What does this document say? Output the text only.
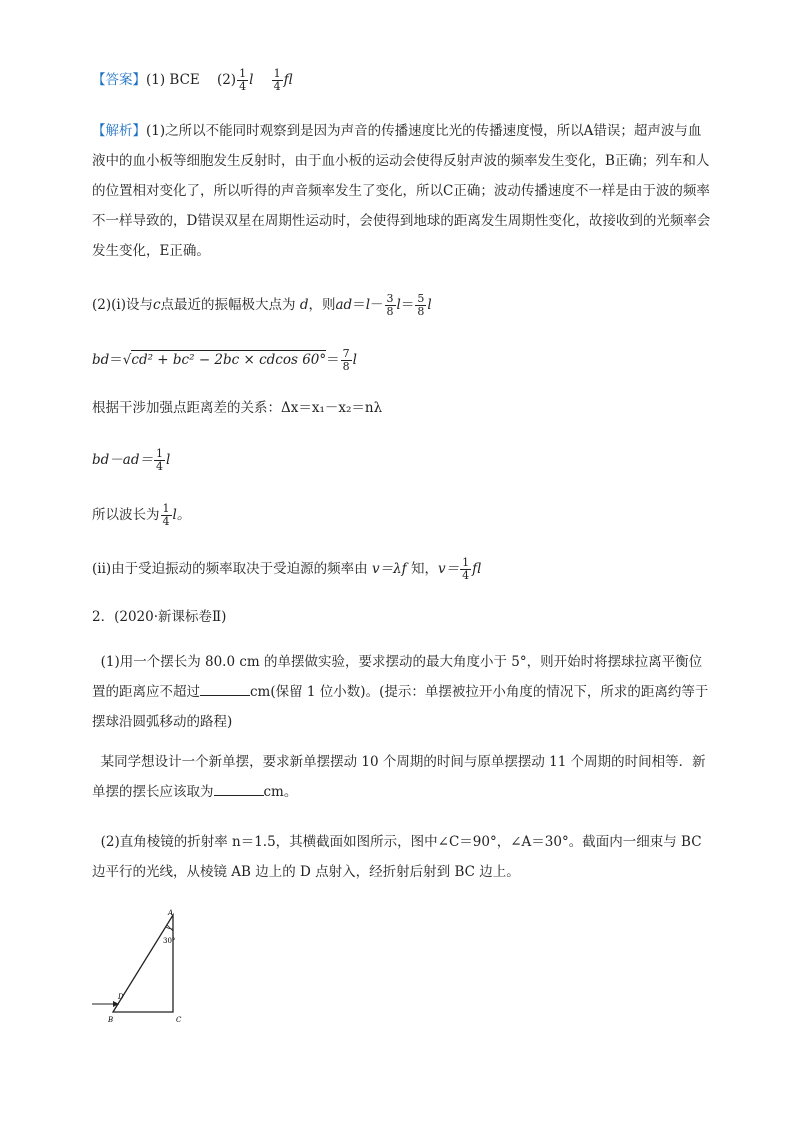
【答案】(1) BCE $(2) \frac{1}{4}$ l $\frac{1}{4}$ fl
【解析】(1)之所以不能同时观察到是因为声音的传播速度比光的传播速度慢，所以A错误；超声波与血液中的血小板等细胞发生反射时，由于血小板的运动会使得反射声波的频率发生变化，B正确；列车和人的位置相对变化了，所以听得的声音频率发生了变化，所以C正确；波动传播速度不一样是由于波的频率不一样导致的，D错误双星在周期性运动时，会使得到地球的距离发生周期性变化，故接收到的光频率会发生变化，E正确。
(2)(i)设与c点最近的振幅极大点为 d，则$ad=l- \frac{3}{8} l= \frac{5}{8}$ l
bd＝√cd² + bc² − 2bc × cdcos $60^\circ= \frac{7}{8}$ l
根据干涉加强点距离差的关系：Δx＝x₁－x₂＝nλ
$bd-ad= \frac{1}{4}$ l
所以波长为 $\frac{1}{4}$ l。
(ii)由于受迫振动的频率取决于受迫源的频率由 v＝λf 知，$v= \frac{1}{4}$ fl
2．(2020·新课标卷Ⅱ)
(1)用一个摆长为 80.0 cm 的单摆做实验，要求摆动的最大角度小于 5°，则开始时将摆球拉离平衡位置的距离应不超过	cm(保留 1 位小数)。(提示：单摆被拉开小角度的情况下，所求的距离约等于摆球沿圆弧移动的路程)
某同学想设计一个新单摆，要求新单摆摆动 10 个周期的时间与原单摆摆动 11 个周期的时间相等．新单摆的摆长应该取为	cm。
(2)直角棱镜的折射率 n＝1.5，其横截面如图所示，图中∠C＝90°，∠A＝30°。截面内一细束与 BC 边平行的光线，从棱镜 AB 边上的 D 点射入，经折射后射到 BC 边上。
A
30°
D
B	C
